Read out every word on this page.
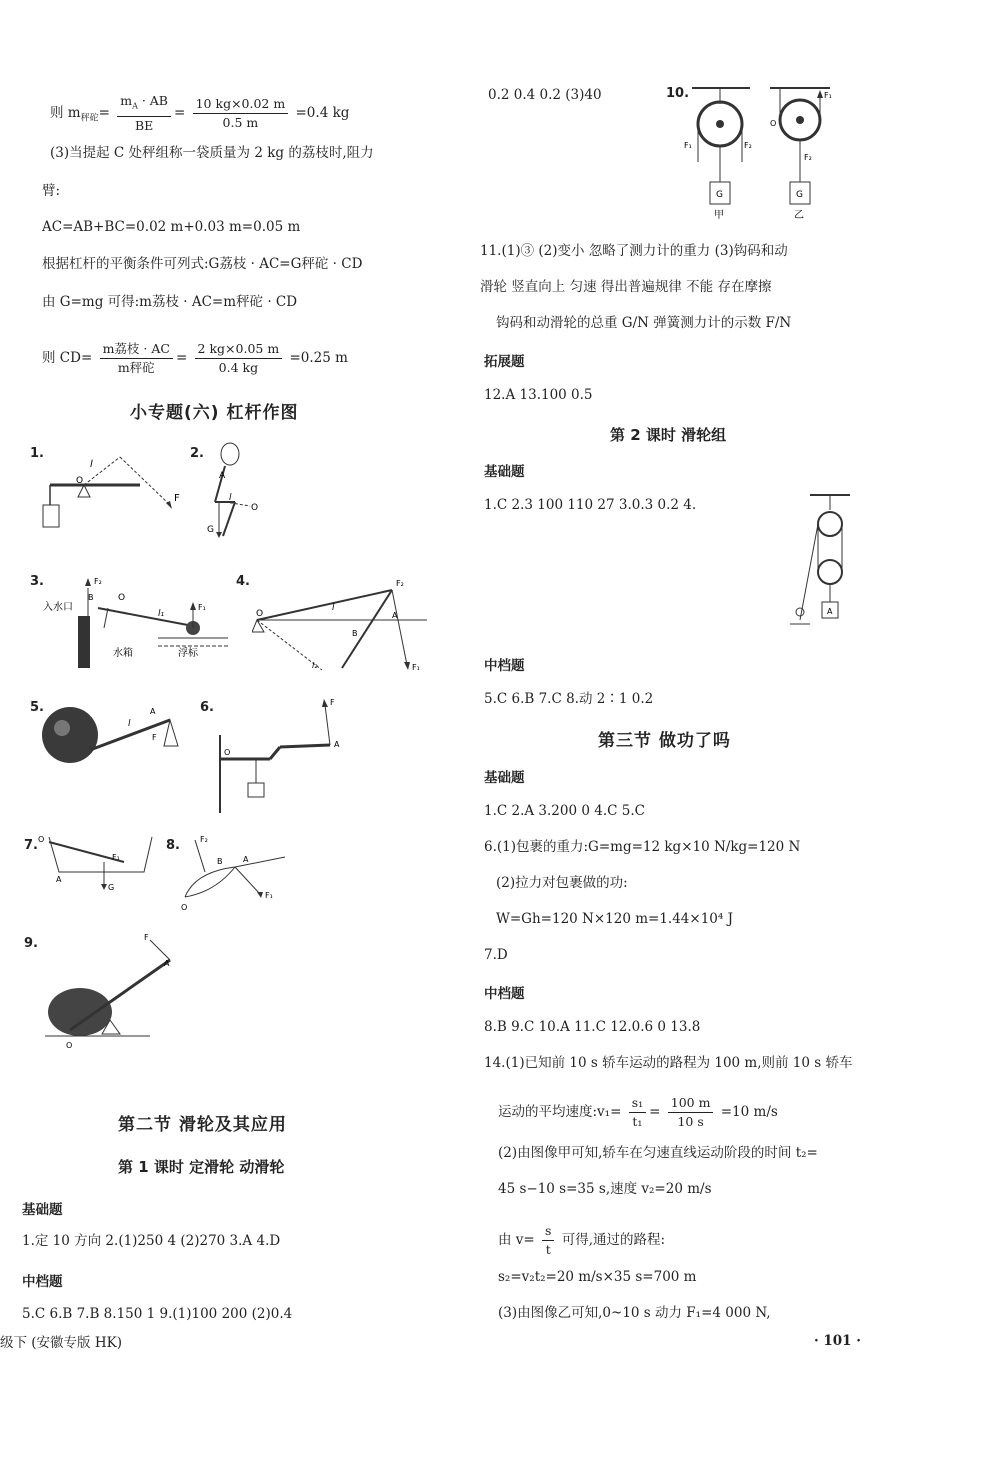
则 $m_{秤砣}= \frac{m_A \cdot AB}{BE} = \frac{10 kg\times 0.02 m}{0.5 m} =0.4$ kg
(3)当提起 C 处秤组称一袋质量为 2 kg 的荔枝时,阻力
臂:
AC=AB+BC=0.02 m+0.03 m=0.05 m
根据杠杆的平衡条件可列式:G荔枝 · AC=G秤砣 · CD
由 G=mg 可得:m荔枝 · AC=m秤砣 · CD
则 $CD= \frac{\text{m荔枝 · AC}}{\text{m秤砣}} = \frac{2 kg\times 0.05 m}{0.4 kg} =0.25$ m
小专题(六) 杠杆作图
第二节 滑轮及其应用
第 1 课时 定滑轮 动滑轮
基础题
1.定 10 方向 2.(1)250 4 (2)270 3.A 4.D
中档题
5.C 6.B 7.B 8.150 1 9.(1)100 200 (2)0.4
级下 (安徽专版 HK)
1.
F
l
O
2.
A
G
O
l
3.
入水口
F₂
B
F₁
O
水箱	浮标
l₁
4.
F₁
O
F₂
l
A
B
l₂
5.
l
A
F
6.	F
O
A
7.
G
O
A
F₁
8.
F₁
F₂
O
B	A
9.	F
A
O
0.2 0.4 0.2 (3)40	10.
11.(1)③ (2)变小 忽略了测力计的重力 (3)钩码和动
滑轮 竖直向上 匀速 得出普遍规律 不能 存在摩擦
钩码和动滑轮的总重 G/N 弹簧测力计的示数 F/N
拓展题
12.A 13.100 0.5
第 2 课时 滑轮组
基础题
1.C 2.3 100 110 27 3.0.3 0.2 4.
中档题
5.C 6.B 7.C 8.动 2∶1 0.2
第三节 做功了吗
基础题
1.C 2.A 3.200 0 4.C 5.C
6.(1)包裹的重力:G=mg=12 kg×10 N/kg=120 N
(2)拉力对包裹做的功:
W=Gh=120 N×120 m=1.44×10⁴ J
7.D
中档题
8.B 9.C 10.A 11.C 12.0.6 0 13.8
14.(1)已知前 10 s 轿车运动的路程为 100 m,则前 10 s 轿车
运动的平均速度:v₁= $\frac{\text{s₁}}{\text{t₁}} = \frac{100 m}{10 s} =10$ m/s
(2)由图像甲可知,轿车在匀速直线运动阶段的时间 t₂=
45 s−10 s=35 s,速度 v₂=20 m/s
由 $v= \frac{s}{t}$ 可得,通过的路程:
s₂=v₂t₂=20 m/s×35 s=700 m
(3)由图像乙可知,0~10 s 动力 F₁=4 000 N,
· 101 ·
G
F₁	F₂
甲
F₁
G
O
F₂
乙
A
